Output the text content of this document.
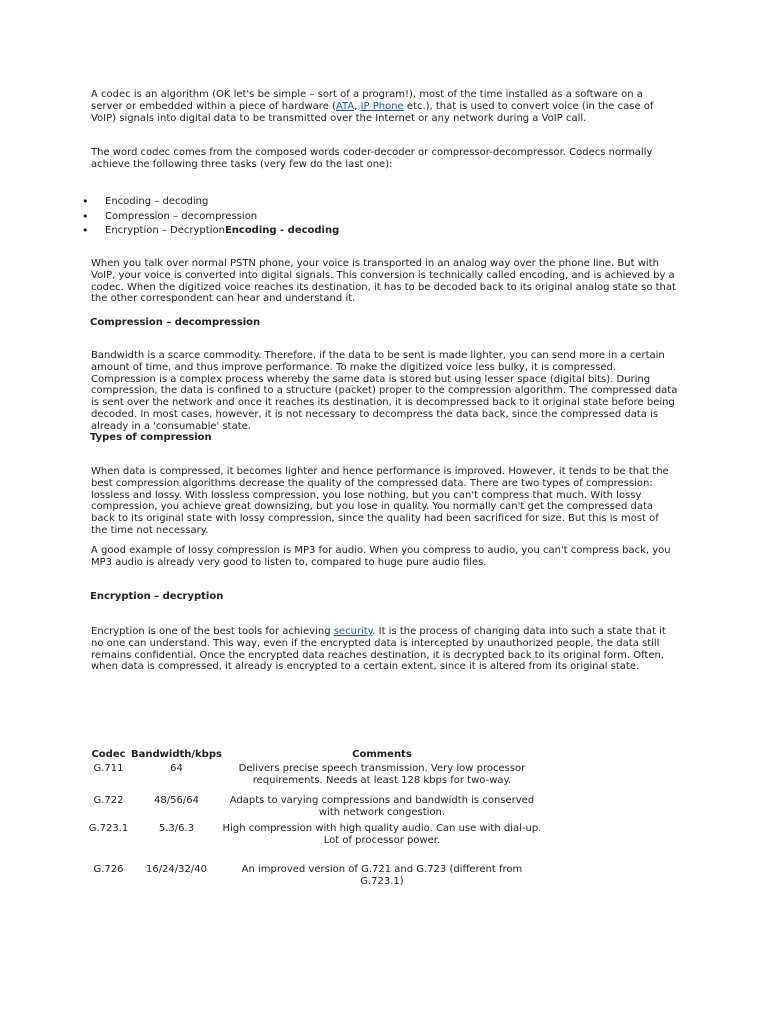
A codec is an algorithm (OK let's be simple – sort of a program!), most of the time installed as a software on a server or embedded within a piece of hardware (ATA, IP Phone etc.), that is used to convert voice (in the case of VoIP) signals into digital data to be transmitted over the Internet or any network during a VoIP call.

The word codec comes from the composed words coder-decoder or compressor-decompressor. Codecs normally achieve the following three tasks (very few do the last one):

• Encoding – decoding
• Compression – decompression
• Encryption – DecryptionEncoding - decoding

When you talk over normal PSTN phone, your voice is transported in an analog way over the phone line. But with VoIP, your voice is converted into digital signals. This conversion is technically called encoding, and is achieved by a codec. When the digitized voice reaches its destination, it has to be decoded back to its original analog state so that the other correspondent can hear and understand it.

Compression – decompression

Bandwidth is a scarce commodity. Therefore, if the data to be sent is made lighter, you can send more in a certain amount of time, and thus improve performance. To make the digitized voice less bulky, it is compressed. Compression is a complex process whereby the same data is stored but using lesser space (digital bits). During compression, the data is confined to a structure (packet) proper to the compression algorithm. The compressed data is sent over the network and once it reaches its destination, it is decompressed back to it original state before being decoded. In most cases, however, it is not necessary to decompress the data back, since the compressed data is already in a 'consumable' state.

Types of compression

When data is compressed, it becomes lighter and hence performance is improved. However, it tends to be that the best compression algorithms decrease the quality of the compressed data. There are two types of compression: lossless and lossy. With lossless compression, you lose nothing, but you can't compress that much. With lossy compression, you achieve great downsizing, but you lose in quality. You normally can't get the compressed data back to its original state with lossy compression, since the quality had been sacrificed for size. But this is most of the time not necessary.

A good example of lossy compression is MP3 for audio. When you compress to audio, you can't compress back, you MP3 audio is already very good to listen to, compared to huge pure audio files.

Encryption – decryption

Encryption is one of the best tools for achieving security. It is the process of changing data into such a state that it no one can understand. This way, even if the encrypted data is intercepted by unauthorized people, the data still remains confidential. Once the encrypted data reaches destination, it is decrypted back to its original form. Often, when data is compressed, it already is encrypted to a certain extent, since it is altered from its original state.

Codec	Bandwidth/kbps	Comments
G.711	64	Delivers precise speech transmission. Very low processor requirements. Needs at least 128 kbps for two-way.
G.722	48/56/64	Adapts to varying compressions and bandwidth is conserved with network congestion.
G.723.1	5.3/6.3	High compression with high quality audio. Can use with dial-up. Lot of processor power.
G.726	16/24/32/40	An improved version of G.721 and G.723 (different from G.723.1)
